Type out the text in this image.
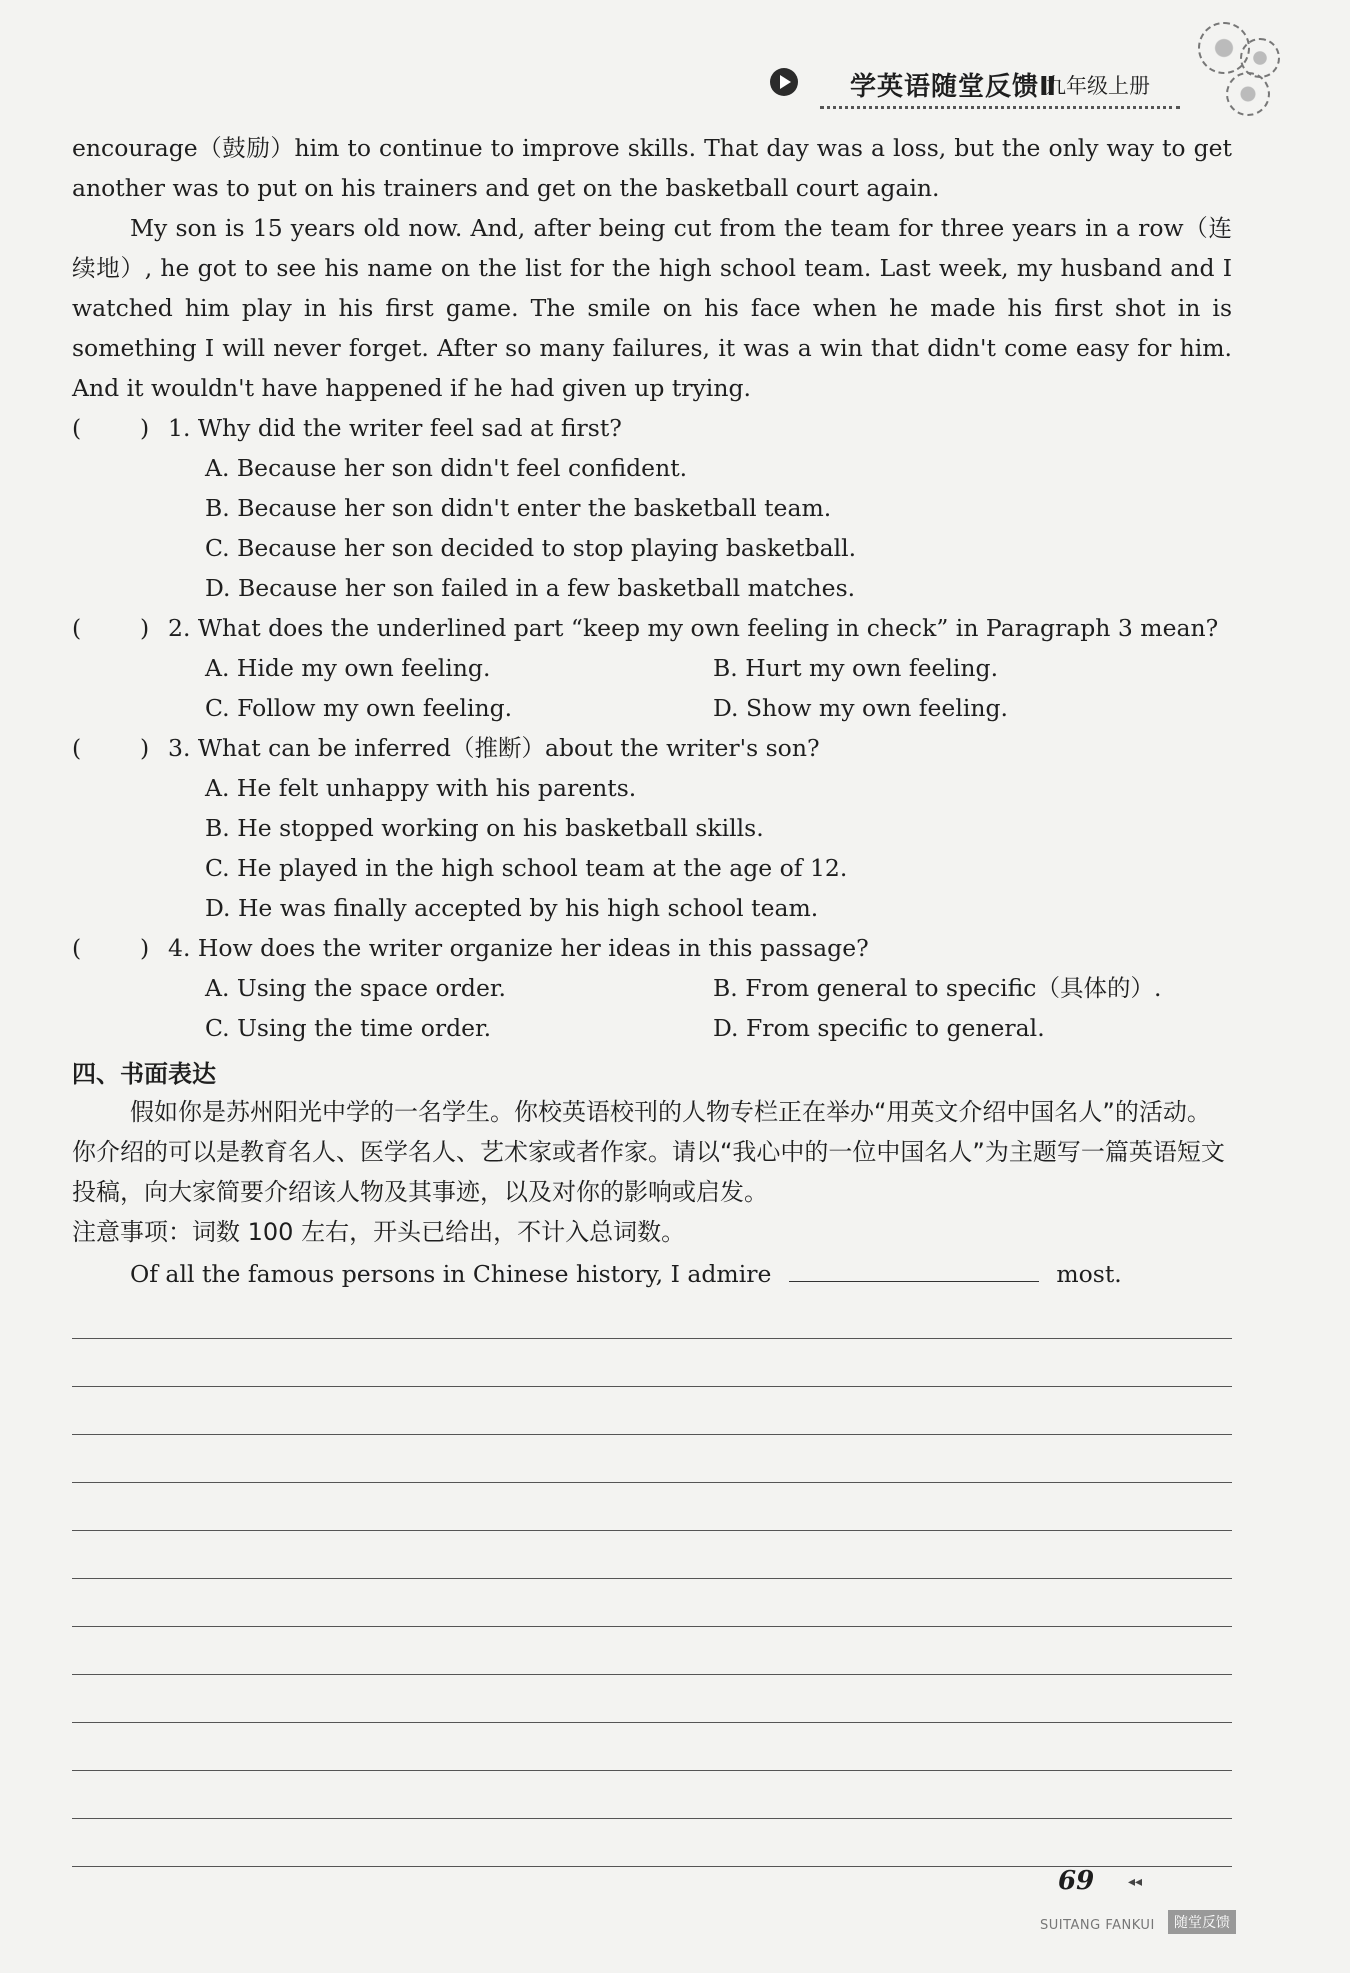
学英语随堂反馈Ⅱ
九年级上册
encourage（鼓励）him to continue to improve skills. That day was a loss, but the only way to get another was to put on his trainers and get on the basketball court again.
My son is 15 years old now. And, after being cut from the team for three years in a row（连续地）, he got to see his name on the list for the high school team. Last week, my husband and I watched him play in his first game. The smile on his face when he made his first shot in is something I will never forget. After so many failures, it was a win that didn't come easy for him. And it wouldn't have happened if he had given up trying.
(	) 1. Why did the writer feel sad at first?
A. Because her son didn't feel confident.
B. Because her son didn't enter the basketball team.
C. Because her son decided to stop playing basketball.
D. Because her son failed in a few basketball matches.
(	) 2. What does the underlined part “keep my own feeling in check” in Paragraph 3 mean?
A. Hide my own feeling.	B. Hurt my own feeling.
C. Follow my own feeling.	D. Show my own feeling.
(	) 3. What can be inferred（推断）about the writer's son?
A. He felt unhappy with his parents.
B. He stopped working on his basketball skills.
C. He played in the high school team at the age of 12.
D. He was finally accepted by his high school team.
(	) 4. How does the writer organize her ideas in this passage?
A. Using the space order.	B. From general to specific（具体的）.
C. Using the time order.	D. From specific to general.
四、书面表达
假如你是苏州阳光中学的一名学生。你校英语校刊的人物专栏正在举办“用英文介绍中国名人”的活动。你介绍的可以是教育名人、医学名人、艺术家或者作家。请以“我心中的一位中国名人”为主题写一篇英语短文投稿，向大家简要介绍该人物及其事迹，以及对你的影响或启发。
注意事项：词数 100 左右，开头已给出，不计入总词数。
Of all the famous persons in Chinese history, I admire	most.
69 ◂◂
SUITANG FANKUI	随堂反馈
